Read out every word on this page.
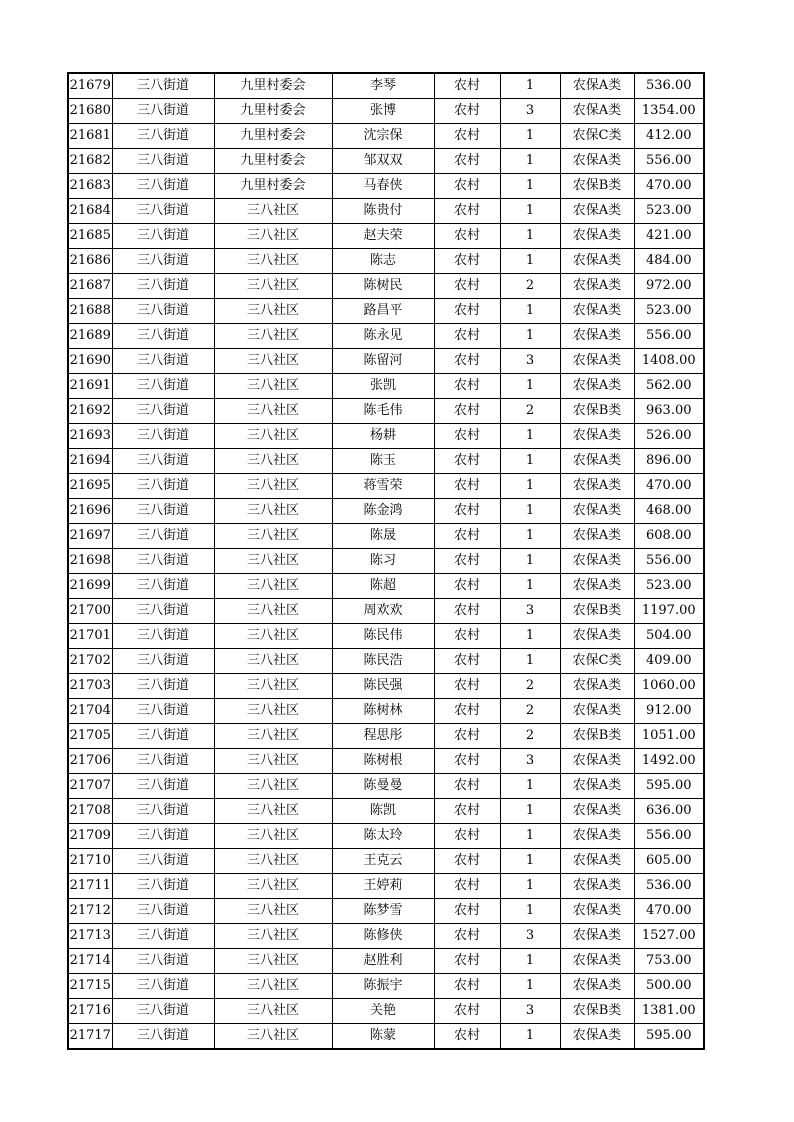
21679	三八街道	九里村委会	李琴	农村	1	农保A类	536.00
21680	三八街道	九里村委会	张博	农村	3	农保A类	1354.00
21681	三八街道	九里村委会	沈宗保	农村	1	农保C类	412.00
21682	三八街道	九里村委会	邹双双	农村	1	农保A类	556.00
21683	三八街道	九里村委会	马春侠	农村	1	农保B类	470.00
21684	三八街道	三八社区	陈贵付	农村	1	农保A类	523.00
21685	三八街道	三八社区	赵夫荣	农村	1	农保A类	421.00
21686	三八街道	三八社区	陈志	农村	1	农保A类	484.00
21687	三八街道	三八社区	陈树民	农村	2	农保A类	972.00
21688	三八街道	三八社区	路昌平	农村	1	农保A类	523.00
21689	三八街道	三八社区	陈永见	农村	1	农保A类	556.00
21690	三八街道	三八社区	陈留河	农村	3	农保A类	1408.00
21691	三八街道	三八社区	张凯	农村	1	农保A类	562.00
21692	三八街道	三八社区	陈毛伟	农村	2	农保B类	963.00
21693	三八街道	三八社区	杨耕	农村	1	农保A类	526.00
21694	三八街道	三八社区	陈玉	农村	1	农保A类	896.00
21695	三八街道	三八社区	蒋雪荣	农村	1	农保A类	470.00
21696	三八街道	三八社区	陈金鸿	农村	1	农保A类	468.00
21697	三八街道	三八社区	陈晟	农村	1	农保A类	608.00
21698	三八街道	三八社区	陈习	农村	1	农保A类	556.00
21699	三八街道	三八社区	陈超	农村	1	农保A类	523.00
21700	三八街道	三八社区	周欢欢	农村	3	农保B类	1197.00
21701	三八街道	三八社区	陈民伟	农村	1	农保A类	504.00
21702	三八街道	三八社区	陈民浩	农村	1	农保C类	409.00
21703	三八街道	三八社区	陈民强	农村	2	农保A类	1060.00
21704	三八街道	三八社区	陈树林	农村	2	农保A类	912.00
21705	三八街道	三八社区	程思彤	农村	2	农保B类	1051.00
21706	三八街道	三八社区	陈树根	农村	3	农保A类	1492.00
21707	三八街道	三八社区	陈曼曼	农村	1	农保A类	595.00
21708	三八街道	三八社区	陈凯	农村	1	农保A类	636.00
21709	三八街道	三八社区	陈太玲	农村	1	农保A类	556.00
21710	三八街道	三八社区	王克云	农村	1	农保A类	605.00
21711	三八街道	三八社区	王婷莉	农村	1	农保A类	536.00
21712	三八街道	三八社区	陈梦雪	农村	1	农保A类	470.00
21713	三八街道	三八社区	陈修侠	农村	3	农保A类	1527.00
21714	三八街道	三八社区	赵胜利	农村	1	农保A类	753.00
21715	三八街道	三八社区	陈振宇	农村	1	农保A类	500.00
21716	三八街道	三八社区	关艳	农村	3	农保B类	1381.00
21717	三八街道	三八社区	陈蒙	农村	1	农保A类	595.00
